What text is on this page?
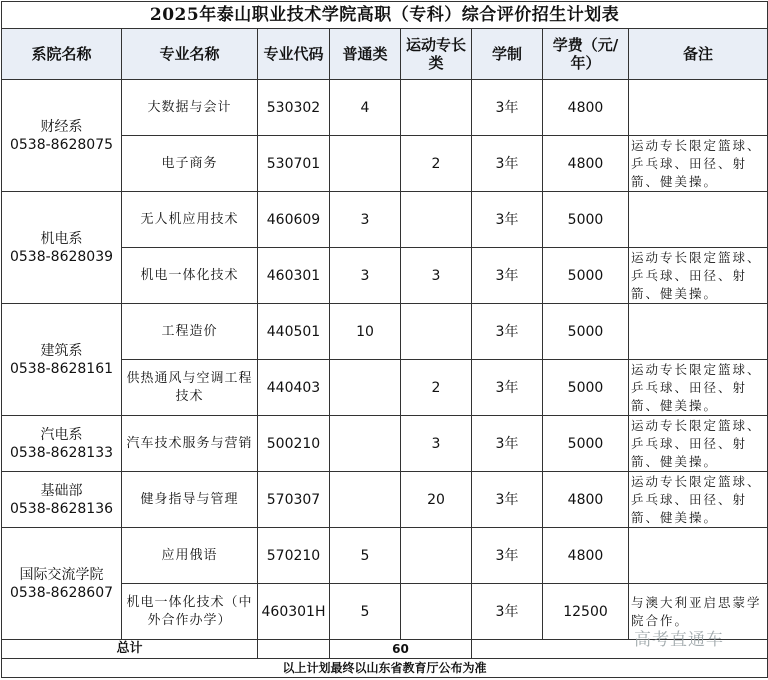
2025年泰山职业技术学院高职（专科）综合评价招生计划表							
系院名称	专业名称	专业代码	普通类	运动专长类	学制	学费（元/年）	备注

财经系
0538-8628075	大数据与会计	530302	4		3年	4800	
	电子商务	530701		2	3年	4800	运动专长限定篮球、乒乓球、田径、射箭、健美操。

机电系
0538-8628039	无人机应用技术	460609	3		3年	5000	
	机电一体化技术	460301	3	3	3年	5000	运动专长限定篮球、乒乓球、田径、射箭、健美操。

建筑系
0538-8628161	工程造价	440501	10		3年	5000	
	供热通风与空调工程技术	440403		2	3年	5000	运动专长限定篮球、乒乓球、田径、射箭、健美操。

汽电系
0538-8628133	汽车技术服务与营销	500210		3	3年	5000	运动专长限定篮球、乒乓球、田径、射箭、健美操。

基础部
0538-8628136	健身指导与管理	570307		20	3年	4800	运动专长限定篮球、乒乓球、田径、射箭、健美操。

国际交流学院
0538-8628607	应用俄语	570210	5		3年	4800	
	机电一体化技术（中外合作办学）	460301H	5		3年	12500	与澳大利亚启思蒙学院合作。
总计			60				
以上计划最终以山东省教育厅公布为准							
高考直通车
